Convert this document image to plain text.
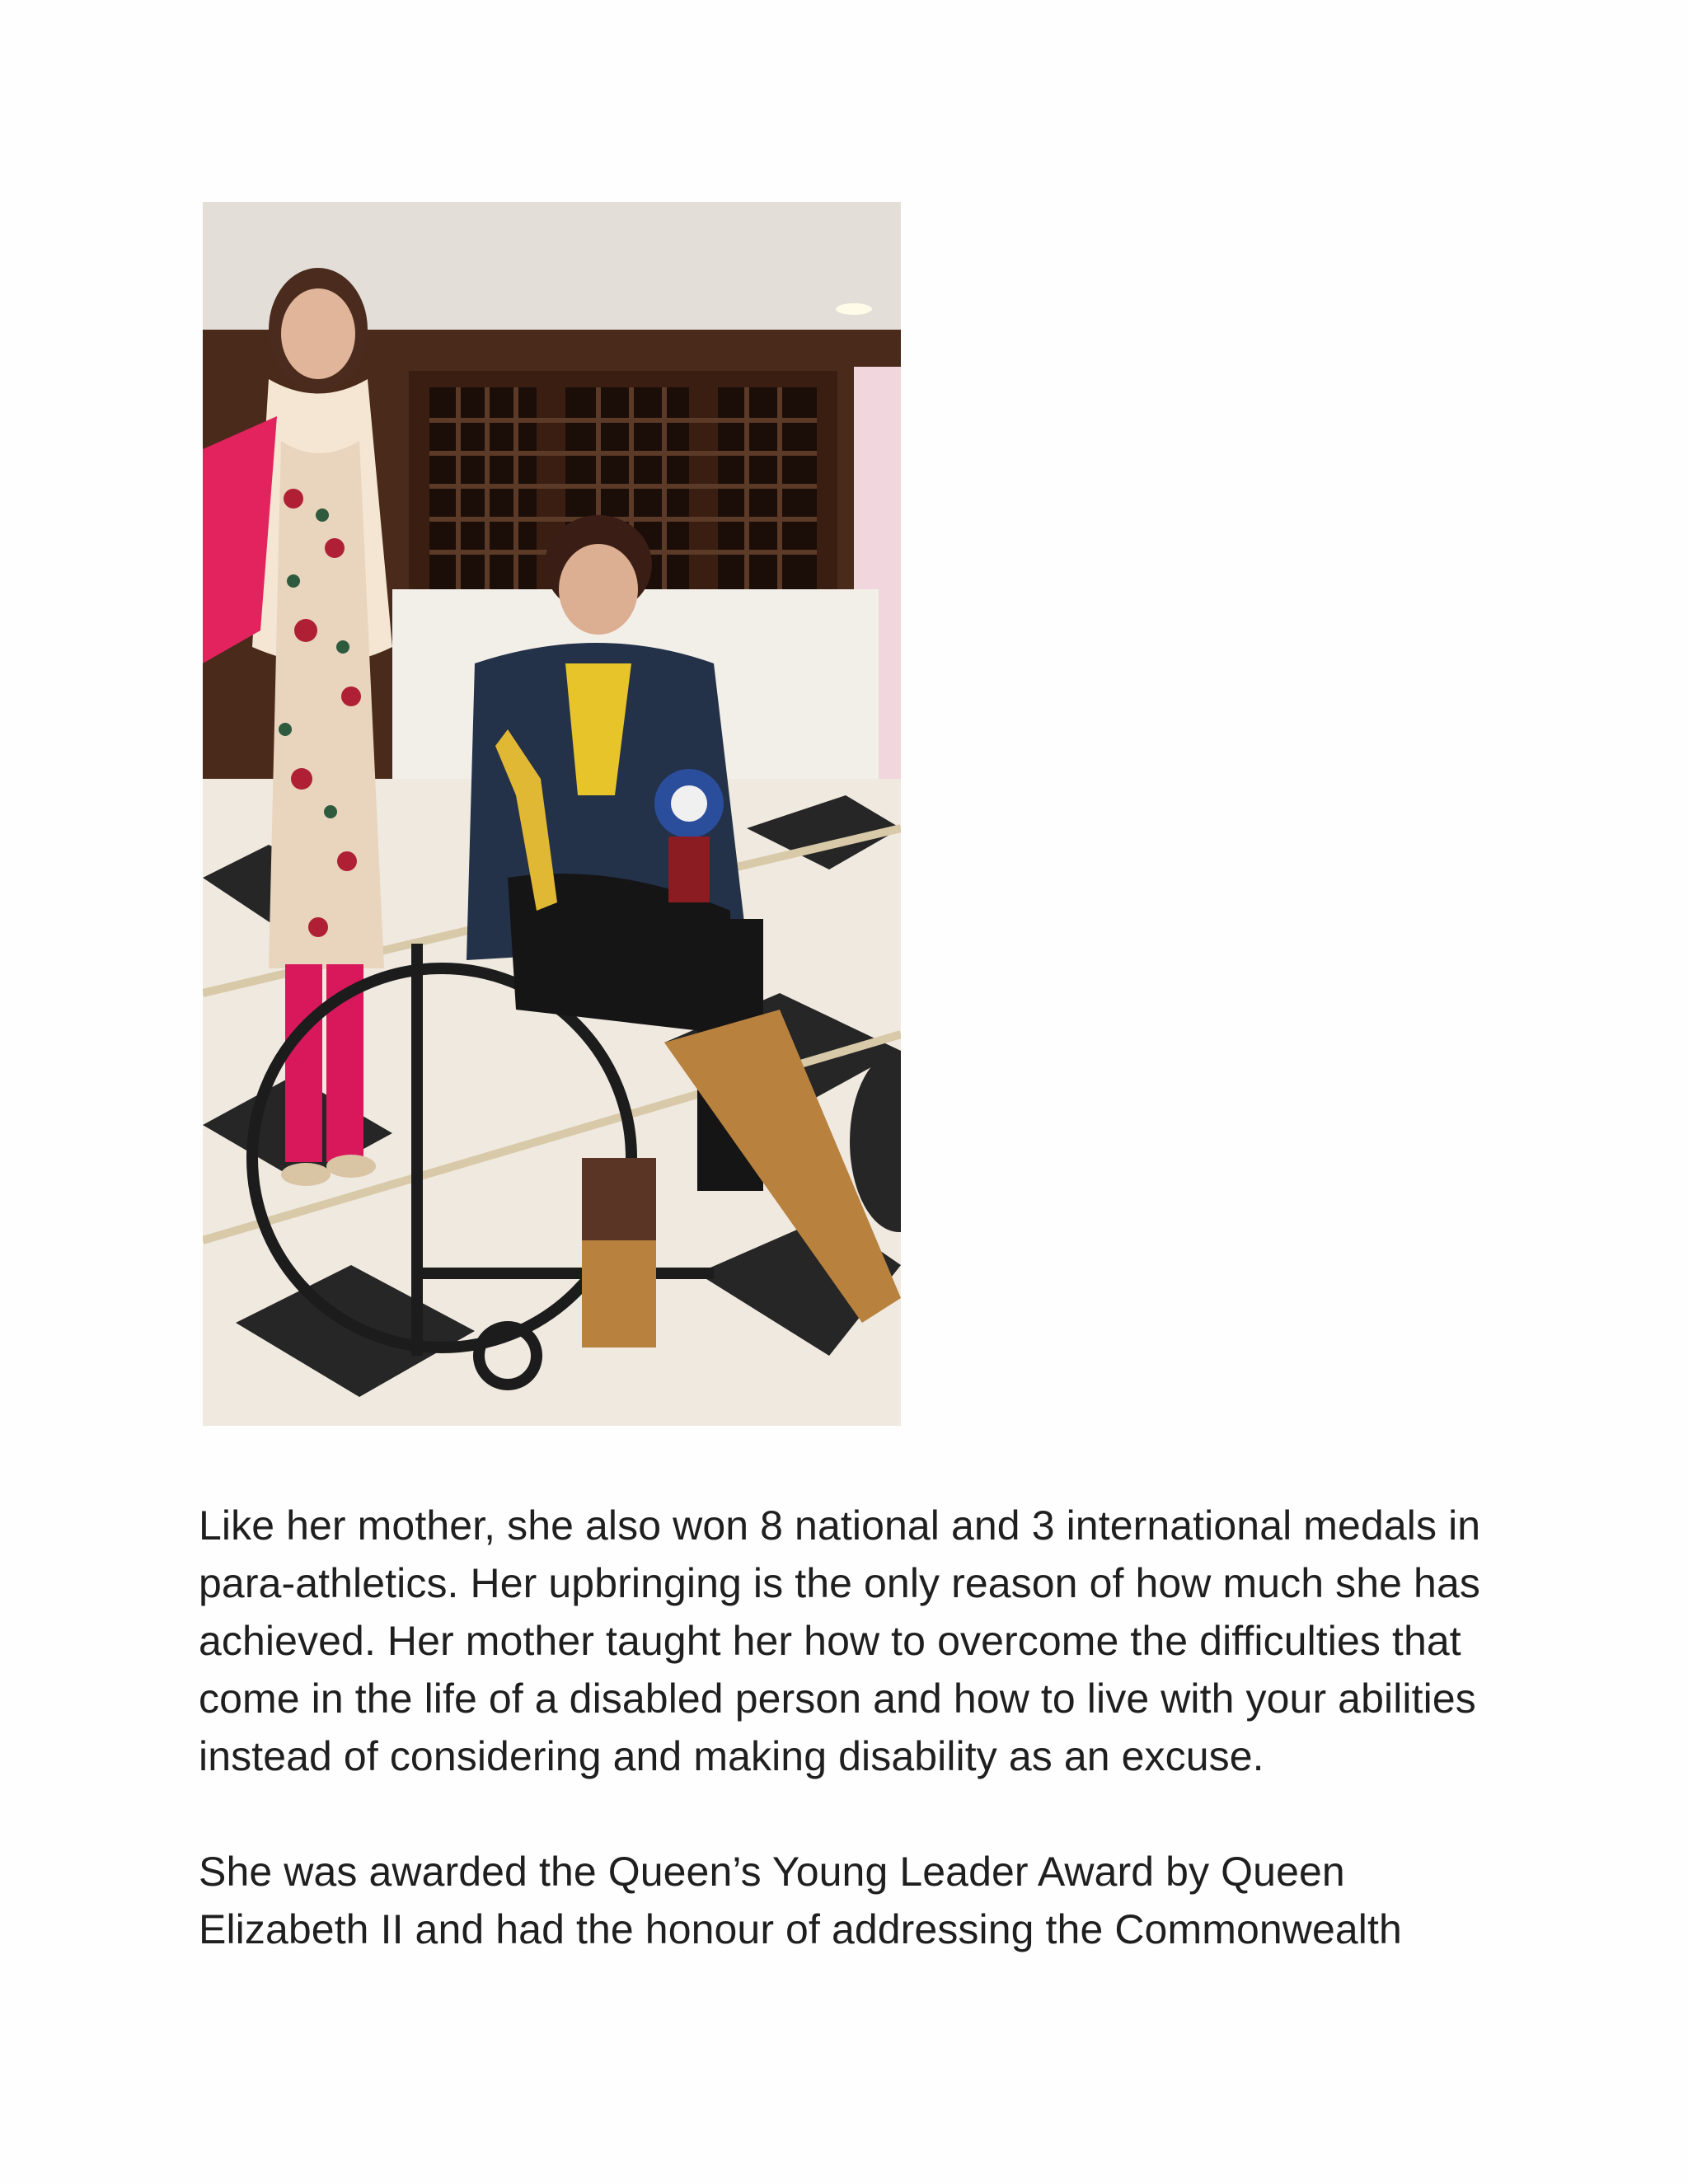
Like her mother, she also won 8 national and 3 international medals in
para-athletics. Her upbringing is the only reason of how much she has
achieved. Her mother taught her how to overcome the difficulties that
come in the life of a disabled person and how to live with your abilities
instead of considering and making disability as an excuse.

She was awarded the Queen’s Young Leader Award by Queen
Elizabeth II and had the honour of addressing the Commonwealth
